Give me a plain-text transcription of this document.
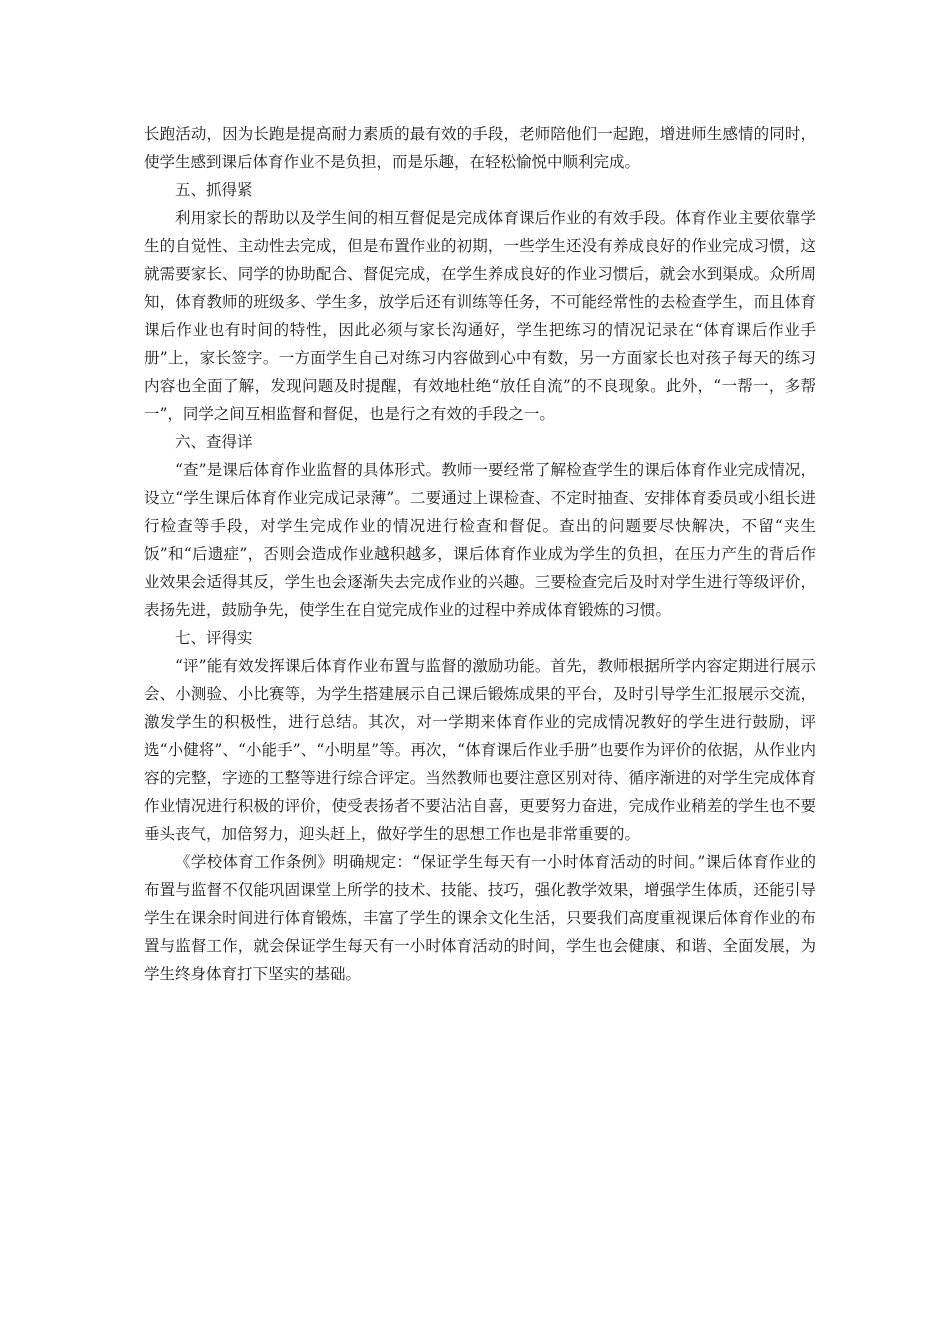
长跑活动，因为长跑是提高耐力素质的最有效的手段，老师陪他们一起跑，增进师生感情的同时，使学生感到课后体育作业不是负担，而是乐趣，在轻松愉悦中顺利完成。

五、抓得紧

利用家长的帮助以及学生间的相互督促是完成体育课后作业的有效手段。体育作业主要依靠学生的自觉性、主动性去完成，但是布置作业的初期，一些学生还没有养成良好的作业完成习惯，这就需要家长、同学的协助配合、督促完成，在学生养成良好的作业习惯后，就会水到渠成。众所周知，体育教师的班级多、学生多，放学后还有训练等任务，不可能经常性的去检查学生，而且体育课后作业也有时间的特性，因此必须与家长沟通好，学生把练习的情况记录在“体育课后作业手册”上，家长签字。一方面学生自己对练习内容做到心中有数，另一方面家长也对孩子每天的练习内容也全面了解，发现问题及时提醒，有效地杜绝“放任自流”的不良现象。此外，“一帮一，多帮一”，同学之间互相监督和督促，也是行之有效的手段之一。

六、查得详

“查”是课后体育作业监督的具体形式。教师一要经常了解检查学生的课后体育作业完成情况，设立“学生课后体育作业完成记录薄”。二要通过上课检查、不定时抽查、安排体育委员或小组长进行检查等手段，对学生完成作业的情况进行检查和督促。查出的问题要尽快解决，不留“夹生饭”和“后遗症”，否则会造成作业越积越多，课后体育作业成为学生的负担，在压力产生的背后作业效果会适得其反，学生也会逐渐失去完成作业的兴趣。三要检查完后及时对学生进行等级评价，表扬先进，鼓励争先，使学生在自觉完成作业的过程中养成体育锻炼的习惯。

七、评得实

“评”能有效发挥课后体育作业布置与监督的激励功能。首先，教师根据所学内容定期进行展示会、小测验、小比赛等，为学生搭建展示自己课后锻炼成果的平台，及时引导学生汇报展示交流，激发学生的积极性，进行总结。其次，对一学期来体育作业的完成情况教好的学生进行鼓励，评选“小健将”、“小能手”、“小明星”等。再次，“体育课后作业手册”也要作为评价的依据，从作业内容的完整，字迹的工整等进行综合评定。当然教师也要注意区别对待、循序渐进的对学生完成体育作业情况进行积极的评价，使受表扬者不要沾沾自喜，更要努力奋进，完成作业稍差的学生也不要垂头丧气，加倍努力，迎头赶上，做好学生的思想工作也是非常重要的。

《学校体育工作条例》明确规定：“保证学生每天有一小时体育活动的时间。”课后体育作业的布置与监督不仅能巩固课堂上所学的技术、技能、技巧，强化教学效果，增强学生体质，还能引导学生在课余时间进行体育锻炼，丰富了学生的课余文化生活，只要我们高度重视课后体育作业的布置与监督工作，就会保证学生每天有一小时体育活动的时间，学生也会健康、和谐、全面发展，为学生终身体育打下坚实的基础。
